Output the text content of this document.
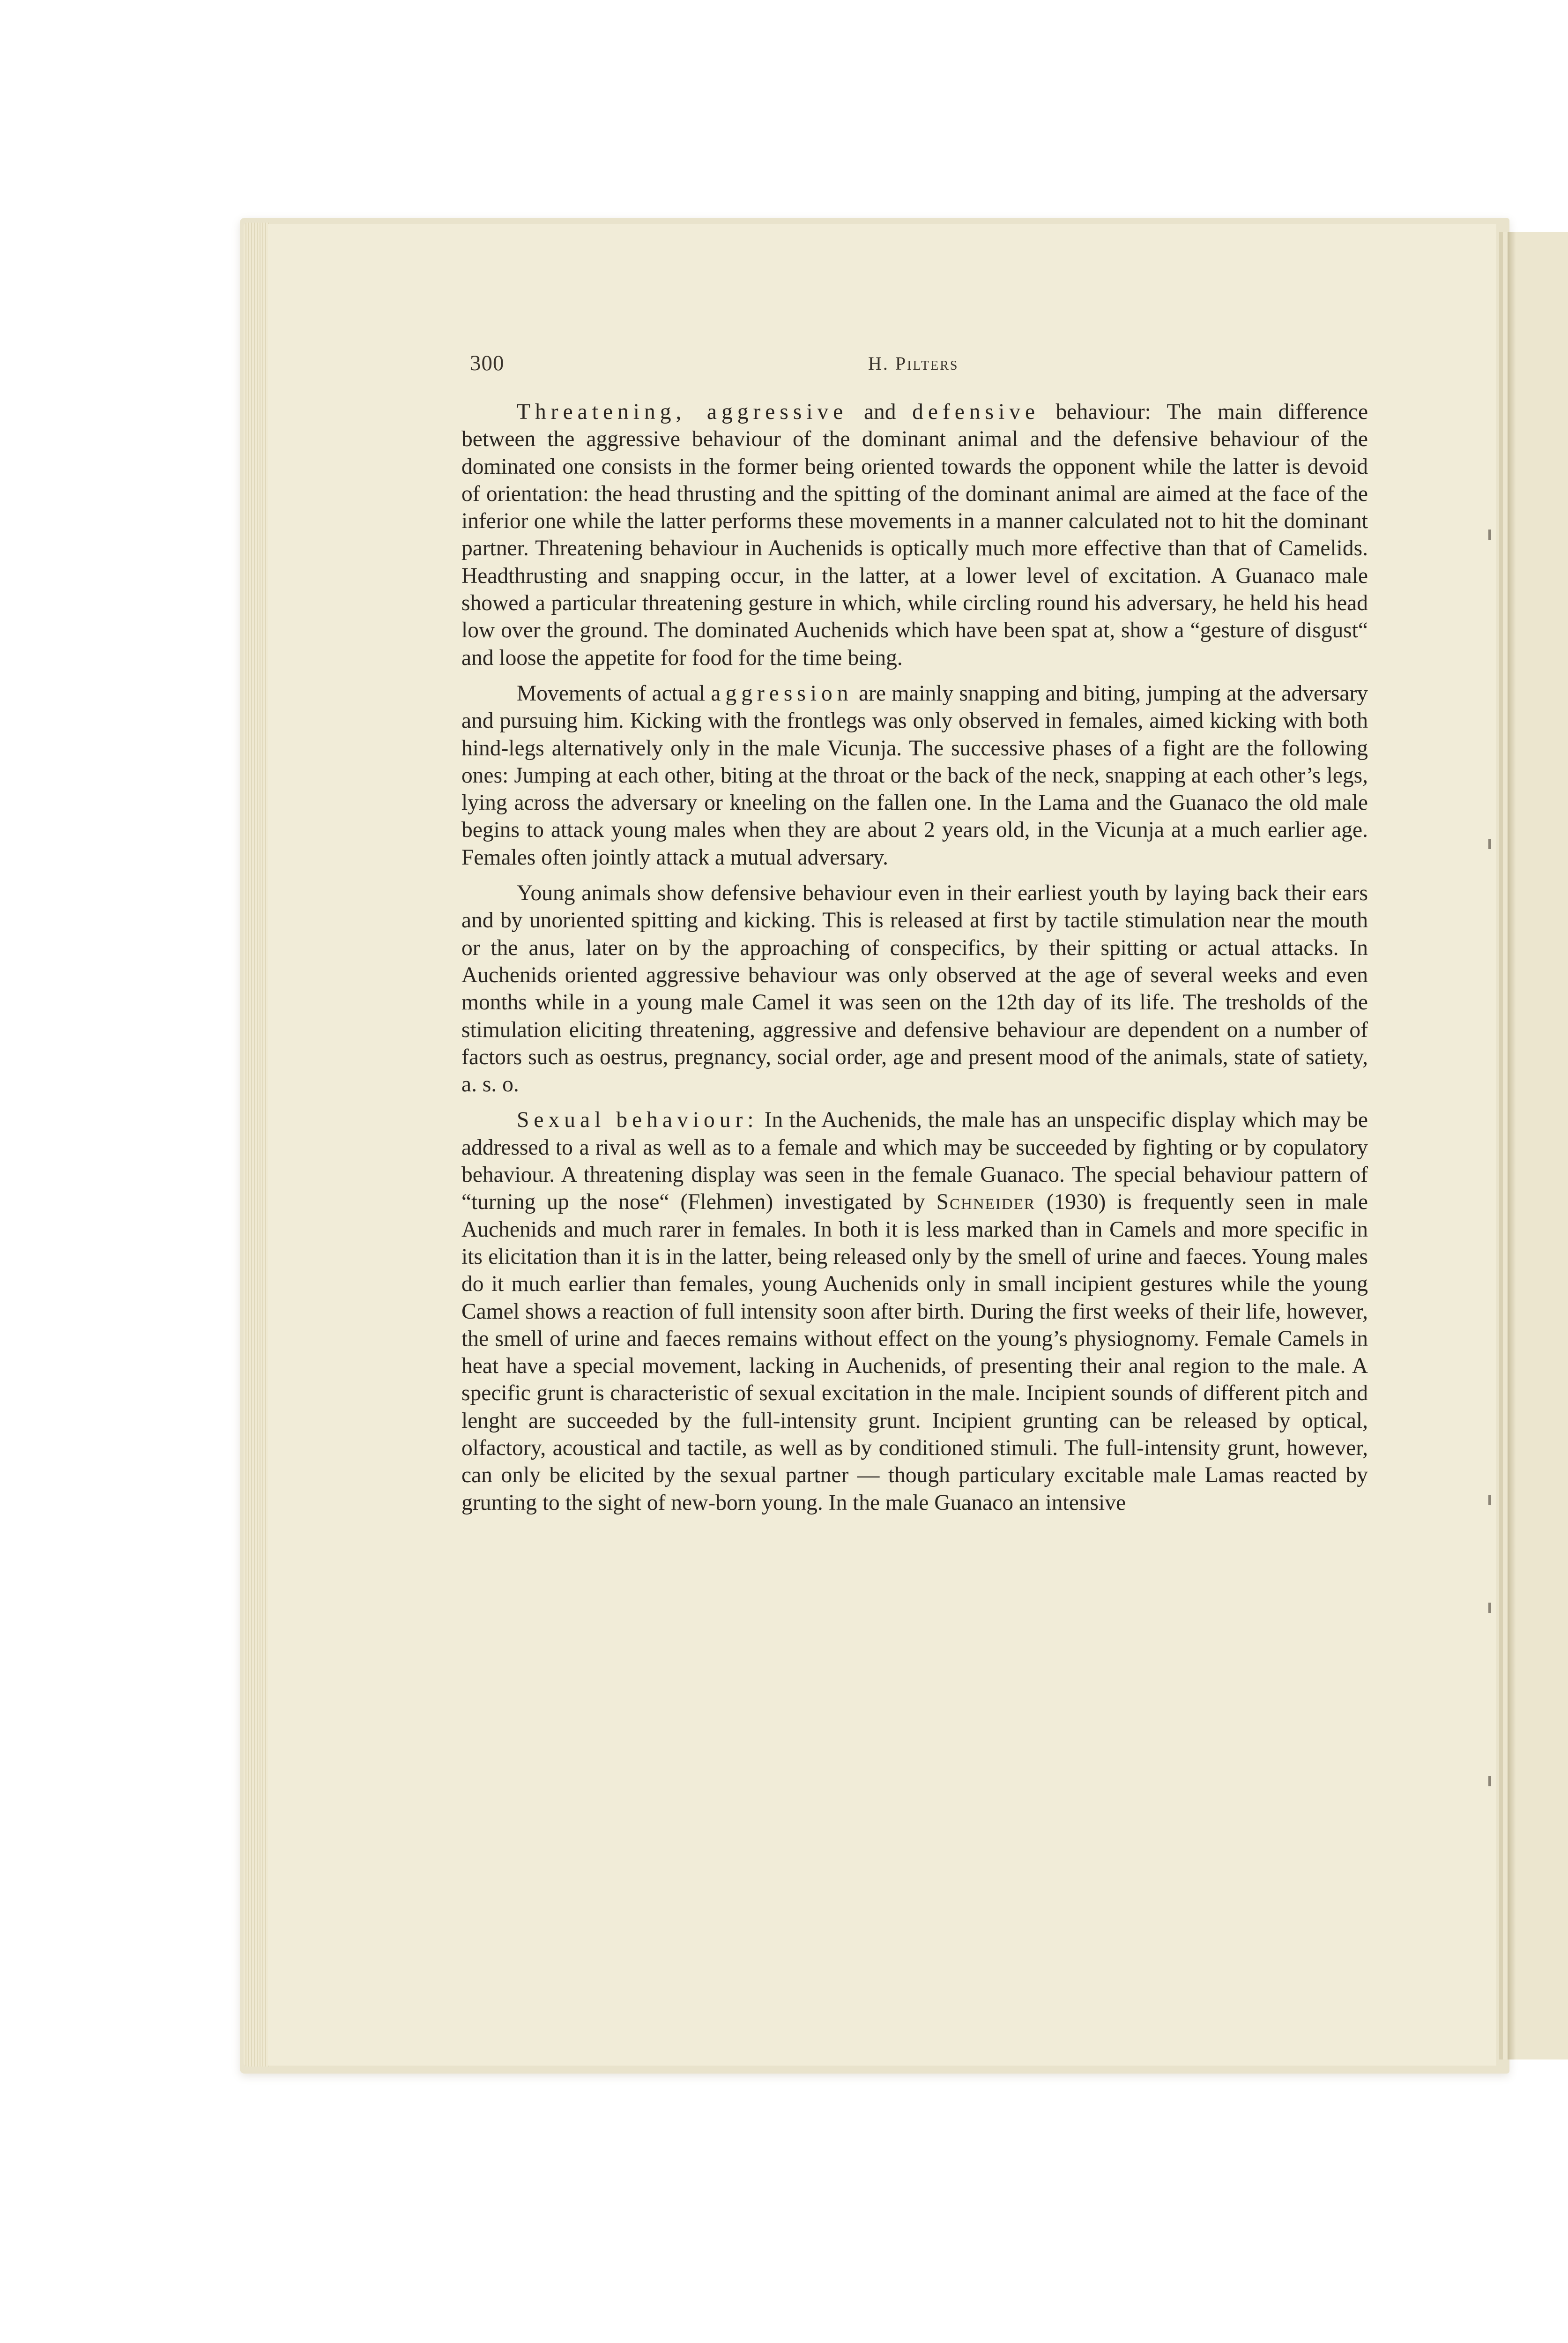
300	H. Pilters

Threatening, aggressive and defensive behaviour: The main difference between the aggressive behaviour of the dominant animal and the defensive behaviour of the dominated one consists in the former being oriented towards the opponent while the latter is devoid of orientation: the head thrusting and the spitting of the dominant animal are aimed at the face of the inferior one while the latter performs these movements in a manner calculated not to hit the dominant partner. Threatening behaviour in Auchenids is optically much more effective than that of Camelids. Headthrusting and snapping occur, in the latter, at a lower level of excitation. A Guanaco male showed a particular threatening gesture in which, while circling round his adversary, he held his head low over the ground. The dominated Auchenids which have been spat at, show a “gesture of disgust“ and loose the appetite for food for the time being.

Movements of actual aggression are mainly snapping and biting, jumping at the adversary and pursuing him. Kicking with the frontlegs was only observed in females, aimed kicking with both hind-legs alternatively only in the male Vicunja. The successive phases of a fight are the following ones: Jumping at each other, biting at the throat or the back of the neck, snapping at each other’s legs, lying across the adversary or kneeling on the fallen one. In the Lama and the Guanaco the old male begins to attack young males when they are about 2 years old, in the Vicunja at a much earlier age. Females often jointly attack a mutual adversary.

Young animals show defensive behaviour even in their earliest youth by laying back their ears and by unoriented spitting and kicking. This is released at first by tactile stimulation near the mouth or the anus, later on by the approaching of conspecifics, by their spitting or actual attacks. In Auchenids oriented aggressive behaviour was only observed at the age of several weeks and even months while in a young male Camel it was seen on the 12th day of its life. The tresholds of the stimulation eliciting threatening, aggressive and defensive behaviour are dependent on a number of factors such as oestrus, pregnancy, social order, age and present mood of the animals, state of satiety, a. s. o.

Sexual behaviour: In the Auchenids, the male has an unspecific display which may be addressed to a rival as well as to a female and which may be succeeded by fighting or by copulatory behaviour. A threatening display was seen in the female Guanaco. The special behaviour pattern of “turning up the nose“ (Flehmen) investigated by Schneider (1930) is frequently seen in male Auchenids and much rarer in females. In both it is less marked than in Camels and more specific in its elicitation than it is in the latter, being released only by the smell of urine and faeces. Young males do it much earlier than females, young Auchenids only in small incipient gestures while the young Camel shows a reaction of full intensity soon after birth. During the first weeks of their life, however, the smell of urine and faeces remains without effect on the young’s physiognomy. Female Camels in heat have a special movement, lacking in Auchenids, of presenting their anal region to the male. A specific grunt is characteristic of sexual excitation in the male. Incipient sounds of different pitch and lenght are succeeded by the full-intensity grunt. Incipient grunting can be released by optical, olfactory, acoustical and tactile, as well as by conditioned stimuli. The full-intensity grunt, however, can only be elicited by the sexual partner — though particulary excitable male Lamas reacted by grunting to the sight of new-born young. In the male Guanaco an intensive
